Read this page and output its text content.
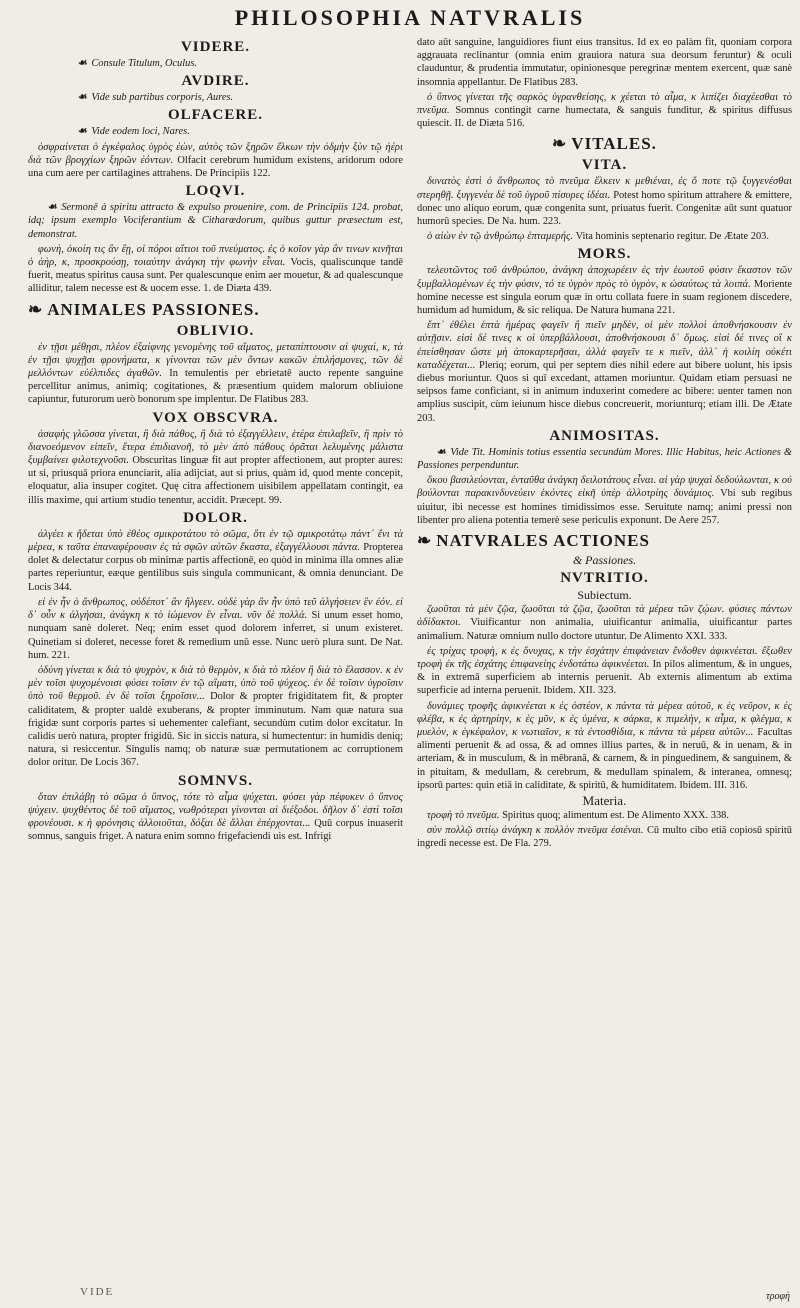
PHILOSOPHIA NATVRALIS
VIDERE.

☙ Consule Titulum, Oculus.

AVDIRE.

☙ Vide sub partibus corporis, Aures.

OLFACERE.

☙ Vide eodem loci, Nares.

ὀσφραίνεται ὁ ἐγκέφαλος ὑγρὸς ἐὼν, αὐτὸς τῶν ξηρῶν ἕλκων τὴν ὀδμὴν ξὺν τῷ ἠέρι διὰ τῶν βρογχίων ξηρῶν ἐόντων. Olfacit cerebrum humidum existens, aridorum odore una cum aere per cartilagines attrahens. De Principiis 122.

LOQVI.

☙ Sermonē à spiritu attracto & expulso prouenire, com. de Principiis 124. probat, idq; ipsum exemplo Vociferantium & Citharœdorum, quibus guttur præsectum est, demonstrat.

φωνὴ, ὁκοίη τις ἂν ἔῃ, οἱ πόροι αἴτιοι τοῦ πνεύματος. ἐς ὁ κοῖον γὰρ ἂν τινων κινῆται ὁ ἀὴρ, κ, προσκρούσῃ, τοιαύτην ἀνάγκη τὴν φωνὴν εἶναι. Vocis, qualiscunque tandē fuerit, meatus spiritus causa sunt. Per qualescunque enim aer mouetur, & ad qualescunque alliditur, talem necesse est & uocem esse. 1. de Diæta 439.

❧ ANIMALES PASSIONES.
OBLIVIO.

ἐν τῇσι μέθῃσι, πλέον ἐξαίφνης γενομένης τοῦ αἵματος, μεταπίπτουσιν αἱ ψυχαὶ, κ, τὰ ἐν τῇσι ψυχῇσι φρονήματα, κ γίνονται τῶν μὲν ὄντων κακῶν ἐπιλήσμονες, τῶν δὲ μελλόντων εὐέλπιδες ἀγαθῶν. In temulentis per ebrietatē aucto repente sanguine percellitur animus, animiq; cogitationes, & præsentium quidem malorum obliuione capiuntur, futurorum uerò bonorum spe implentur. De Flatibus 283.

VOX OBSCVRA.

ἀσαφὴς γλῶσσα γίνεται, ἢ διὰ πάθος, ἢ διὰ τὸ ἐξαγγέλλειν, ἑτέρα ἐπιλαβεῖν, ἢ πρὶν τὸ διανοεόμενον εἰπεῖν, ἕτερα ἐπιδιανοῆ, τὸ μὲν ἀπὸ πάθους ὁρᾶται λελυμένης μάλιστα ξυμβαίνει φιλοτεχνοῦσι. Obscuritas linguæ fit aut propter affectionem, aut propter aures: ut si, priusquā priora enunciarit, alia adijciat, aut si prius, quàm id, quod mente concepit, eloquatur, alia insuper cogitet. Quę citra affectionem uisibilem appellatam contingit, ea illis maxime, qui artium studio tenentur, accidit. Præcept. 99.

DOLOR.

ἀλγέει κ ἥδεται ὑπὸ ἐθέος σμικροτάτου τὸ σῶμα, ὅτι ἐν τῷ σμικροτάτῳ πάντ᾽ ἔνι τὰ μέρεα, κ ταῦτα ἐπαναφέρουσιν ἐς τὰ σφῶν αὐτῶν ἕκαστα, ἐξαγγέλλουσι πάντα. Propterea dolet & delectatur corpus ob minimæ partis affectionē, eo quòd in minima illa omnes aliæ partes reperiuntur, eæque gentilibus suis singula communicant, & omnia denunciant. De Locis 344.

εἰ ἐν ἦν ὁ ἄνθρωπος, οὐδέποτ᾽ ἂν ἤλγεεν. οὐδὲ γὰρ ἂν ἦν ὑπὸ τεῦ ἀλγήσειεν ἓν ἐόν. εἰ δ᾽ οὖν κ ἀλγήσαι, ἀνάγκη κ τὸ ἰώμενον ἓν εἶναι. νῦν δὲ πολλά. Si unum esset homo, nunquam sanè doleret. Neq; enim esset quod dolorem inferret, si unum existeret. Quinetiam si doleret, necesse foret & remedium unū esse. Nunc uerò plura sunt. De Nat. hum. 221.

ὀδύνη γίνεται κ διὰ τὸ ψυχρὸν, κ διὰ τὸ θερμὸν, κ διὰ τὸ πλέον ἢ διὰ τὸ ἔλασσον. κ ἐν μὲν τοῖσι ψυχομένοισι φύσει τοῖσιν ἐν τῷ αἵματι, ὑπὸ τοῦ ψύχεος. ἐν δὲ τοῖσιν ὑγροῖσιν ὑπὸ τοῦ θερμοῦ. ἐν δὲ τοῖσι ξηροῖσιν... Dolor & propter frigiditatem fit, & propter caliditatem, & propter ualdè exuberans, & propter imminutum. Nam quæ natura sua frigidæ sunt corporis partes si uehementer calefiant, secundùm cutim dolor excitatur. In calidis uerò natura, propter frigidū. Sic in siccis natura, si humectentur: in humidis deniq; natura, si resiccentur. Singulis namq; ob naturæ suæ permutationem ac corruptionem dolor oritur. De Locis 367.

SOMNVS.

ὅταν ἐπιλάβῃ τὸ σῶμα ὁ ὕπνος, τότε τὸ αἷμα ψύχεται. φύσει γὰρ πέφυκεν ὁ ὕπνος ψύχειν. ψυχθέντος δὲ τοῦ αἵματος, νωθρότεραι γίνονται αἱ διέξοδοι. δῆλον δ᾽ ἐστὶ τοῖσι φρονέουσι. κ ἡ φρόνησις ἀλλοιοῦται, δόξαι δὲ ἄλλαι ἐπέρχονται... Quū corpus inuaserit somnus, sanguis friget. A natura enim somno frigefaciendi uis est. Infrigi

dato aūt sanguine, languidiores fiunt eius transitus. Id ex eo palàm fit, quoniam corpora aggrauata reclinantur (omnia enim grauiora natura sua deorsum feruntur) & oculi clauduntur, & prudentia immutatur, opinionesque peregrinæ mentem exercent, quæ sanè insomnia appellantur. De Flatibus 283.

ὁ ὕπνος γίνεται τῆς σαρκὸς ὑγρανθείσης, κ χέεται τὸ αἷμα, κ λιπίζει διαχέεσθαι τὸ πνεῦμα. Somnus contingit carne humectata, & sanguis funditur, & spiritus diffusus quiescit. II. de Diæta 516.

❧ VITALES.
VITA.

δυνατὸς ἐστὶ ὁ ἄνθρωπος τὸ πνεῦμα ἕλκειν κ μεθιέναι, ἐς ὅ ποτε τῷ ξυγγενέσθαι στερηθῇ. ξυγγενέα δὲ τοῦ ὑγροῦ πίσυρες ἰδέαι. Potest homo spiritum attrahere & emittere, donec uno aliquo eorum, quæ congenita sunt, priuatus fuerit. Congenitæ aūt sunt quatuor humorū species. De Na. hum. 223.

ὁ αἰὼν ἐν τῷ ἀνθρώπῳ ἑπταμερής. Vita hominis septenario regitur. De Ætate 203.

MORS.

τελευτῶντος τοῦ ἀνθρώπου, ἀνάγκη ἀποχωρέειν ἐς τὴν ἑωυτοῦ φύσιν ἕκαστον τῶν ξυμβαλλομένων ἐς τὴν φύσιν, τό τε ὑγρὸν πρὸς τὸ ὑγρὸν, κ ὡσαύτως τὰ λοιπά. Moriente homine necesse est singula eorum quæ in ortu collata fuere in suam regionem discedere, humidum ad humidum, & sic reliqua. De Natura humana 221.

ἔπτ᾽ ἐθέλει ἑπτὰ ἡμέρας φαγεῖν ἢ πιεῖν μηδὲν, οἱ μὲν πολλοὶ ἀποθνήσκουσιν ἐν αὐτῇσιν. εἰσὶ δέ τινες κ οἱ ὑπερβάλλουσι, ἀποθνήσκουσι δ᾽ ὅμως. εἰσὶ δέ τινες οἳ κ ἐπείσθησαν ὥστε μὴ ἀποκαρτερῆσαι, ἀλλὰ φαγεῖν τε κ πιεῖν, ἀλλ᾽ ἡ κοιλίη οὐκέτι καταδέχεται... Pleriq; eorum, qui per septem dies nihil edere aut bibere uolunt, his ipsis diebus moriuntur. Quos si quī excedant, attamen moriuntur. Quidam etiam persuasi ne seipsos fame conficiant, si in animum induxerint comedere ac bibere: uenter tamen non amplius suscipit, cùm ieiunum hisce diebus concreuerit, moriunturq; etiam illi. De Ætate 203.

ANIMOSITAS.

☙ Vide Tit. Hominis totius essentia secundùm Mores. Illic Habitus, heic Actiones & Passiones perpenduntur.

ὅκου βασιλεύονται, ἐνταῦθα ἀνάγκη δειλοτάτους εἶναι. αἱ γὰρ ψυχαὶ δεδούλωνται, κ οὐ βούλονται παρακινδυνεύειν ἑκόντες εἰκῆ ὑπὲρ ἀλλοτρίης δυνάμιος. Vbi sub regibus uiuitur, ibi necesse est homines timidissimos esse. Seruitute namq; animi pressi non libenter pro aliena potentia temerè sese periculis exponunt. De Aere 257.

❧ NATVRALES ACTIONES
& Passiones.
NVTRITIO.
Subiectum.

ζωοῦται τὰ μὲν ζῷα, ζωοῦται τὰ ζῷα, ζωοῦται τὰ μέρεα τῶν ζῴων. φύσιες πάντων ἀδίδακτοι. Viuificantur non animalia, uiuificantur animalia, uiuificantur partes animalium. Naturæ omnium nullo doctore utuntur. De Alimento XXI. 333.

ἐς τρίχας τροφὴ, κ ἐς ὄνυχας, κ τὴν ἐσχάτην ἐπιφάνειαν ἔνδοθεν ἀφικνέεται. ἔξωθεν τροφὴ ἐκ τῆς ἐσχάτης ἐπιφανείης ἐνδοτάτω ἀφικνέεται. In pilos alimentum, & in ungues, & in extremā superficiem ab internis peruenit. Ab externis alimentum ab extima superficie ad interna peruenit. Ibidem. XII. 323.

δυνάμιες τροφῆς ἀφικνέεται κ ἐς ὀστέον, κ πάντα τὰ μέρεα αὐτοῦ, κ ἐς νεῦρον, κ ἐς φλέβα, κ ἐς ἀρτηρίην, κ ἐς μῦν, κ ἐς ὑμένα, κ σάρκα, κ πιμελὴν, κ αἷμα, κ φλέγμα, κ μυελὸν, κ ἐγκέφαλον, κ νωτιαῖον, κ τὰ ἐντοσθίδια, κ πάντα τὰ μέρεα αὐτῶν... Facultas alimenti peruenit & ad ossa, & ad omnes illius partes, & in neruū, & in uenam, & in arteriam, & in musculum, & in mēbranā, & carnem, & in pinguedinem, & sanguinem, & in pituitam, & medullam, & cerebrum, & medullam spinalem, & interanea, omnesq; ipsorū partes: quin etiā in caliditate, & spiritū, & humiditatem. Ibidem. III. 316.

Materia.

τροφὴ τὸ πνεῦμα. Spiritus quoq; alimentum est. De Alimento XXX. 338.

σὺν πολλῷ σιτίῳ ἀνάγκη κ πολλὸν πνεῦμα ἐσιέναι. Cū multo cibo etiā copiosū spiritū ingredi necesse est. De Fla. 279.

VIDE	τροφὴ
